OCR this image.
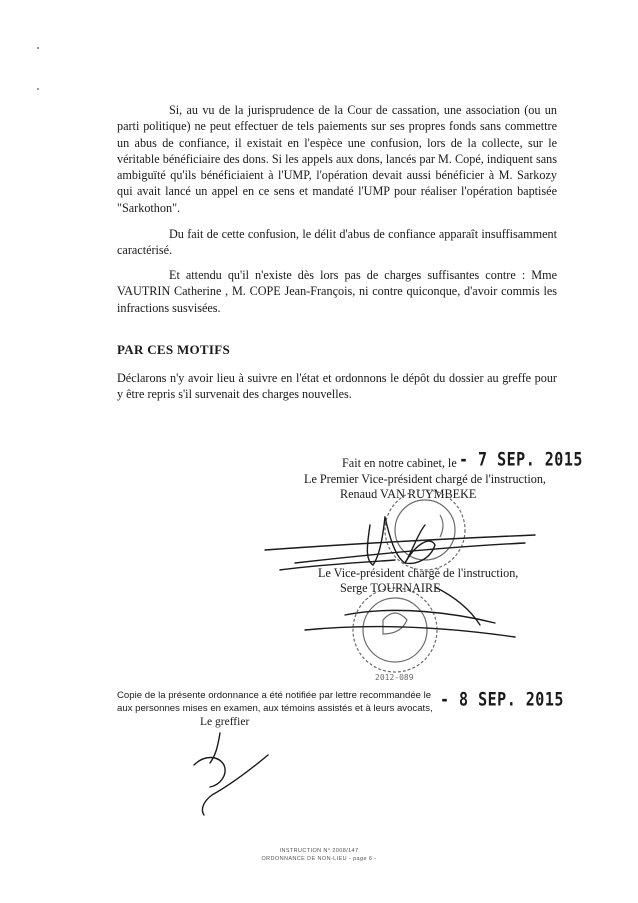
Si, au vu de la jurisprudence de la Cour de cassation, une association (ou un parti politique) ne peut effectuer de tels paiements sur ses propres fonds sans commettre un abus de confiance, il existait en l'espèce une confusion, lors de la collecte, sur le véritable bénéficiaire des dons. Si les appels aux dons, lancés par M. Copé, indiquent sans ambiguïté qu'ils bénéficiaient à l'UMP, l'opération devait aussi bénéficier à M. Sarkozy qui avait lancé un appel en ce sens et mandaté l'UMP pour réaliser l'opération baptisée "Sarkothon".

Du fait de cette confusion, le délit d'abus de confiance apparaît insuffisamment caractérisé.

Et attendu qu'il n'existe dès lors pas de charges suffisantes contre : Mme VAUTRIN Catherine , M. COPE Jean-François, ni contre quiconque, d'avoir commis les infractions susvisées.

PAR CES MOTIFS

Déclarons n'y avoir lieu à suivre en l'état et ordonnons le dépôt du dossier au greffe pour y être repris s'il survenait des charges nouvelles.

Fait en notre cabinet, le - 7 SEP. 2015
Le Premier Vice-président chargé de l'instruction,
Renaud VAN RUYMBEKE
2012-089
Le Vice-président chargé de l'instruction,
Serge TOURNAIRE
Copie de la présente ordonnance a été notifiée par lettre recommandée le aux personnes mises en examen, aux témoins assistés et à leurs avocats, - 8 SEP. 2015
Le greffier
INSTRUCTION N° 2008/147
ORDONNANCE DE NON-LIEU - page 6 -
